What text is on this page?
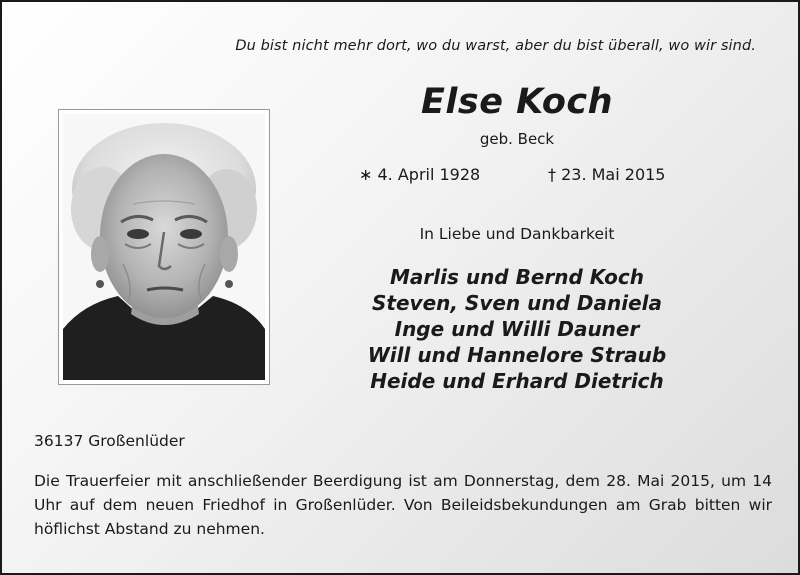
Du bist nicht mehr dort, wo du warst, aber du bist überall, wo wir sind.
Else Koch
geb. Beck
∗ 4. April 1928	† 23. Mai 2015
In Liebe und Dankbarkeit
Marlis und Bernd Koch
Steven, Sven und Daniela
Inge und Willi Dauner
Will und Hannelore Straub
Heide und Erhard Dietrich
36137 Großenlüder
Die Trauerfeier mit anschließender Beerdigung ist am Donnerstag, dem 28. Mai 2015, um 14 Uhr auf dem neuen Friedhof in Großenlüder. Von Beileidsbekundungen am Grab bitten wir höflichst Abstand zu nehmen.
